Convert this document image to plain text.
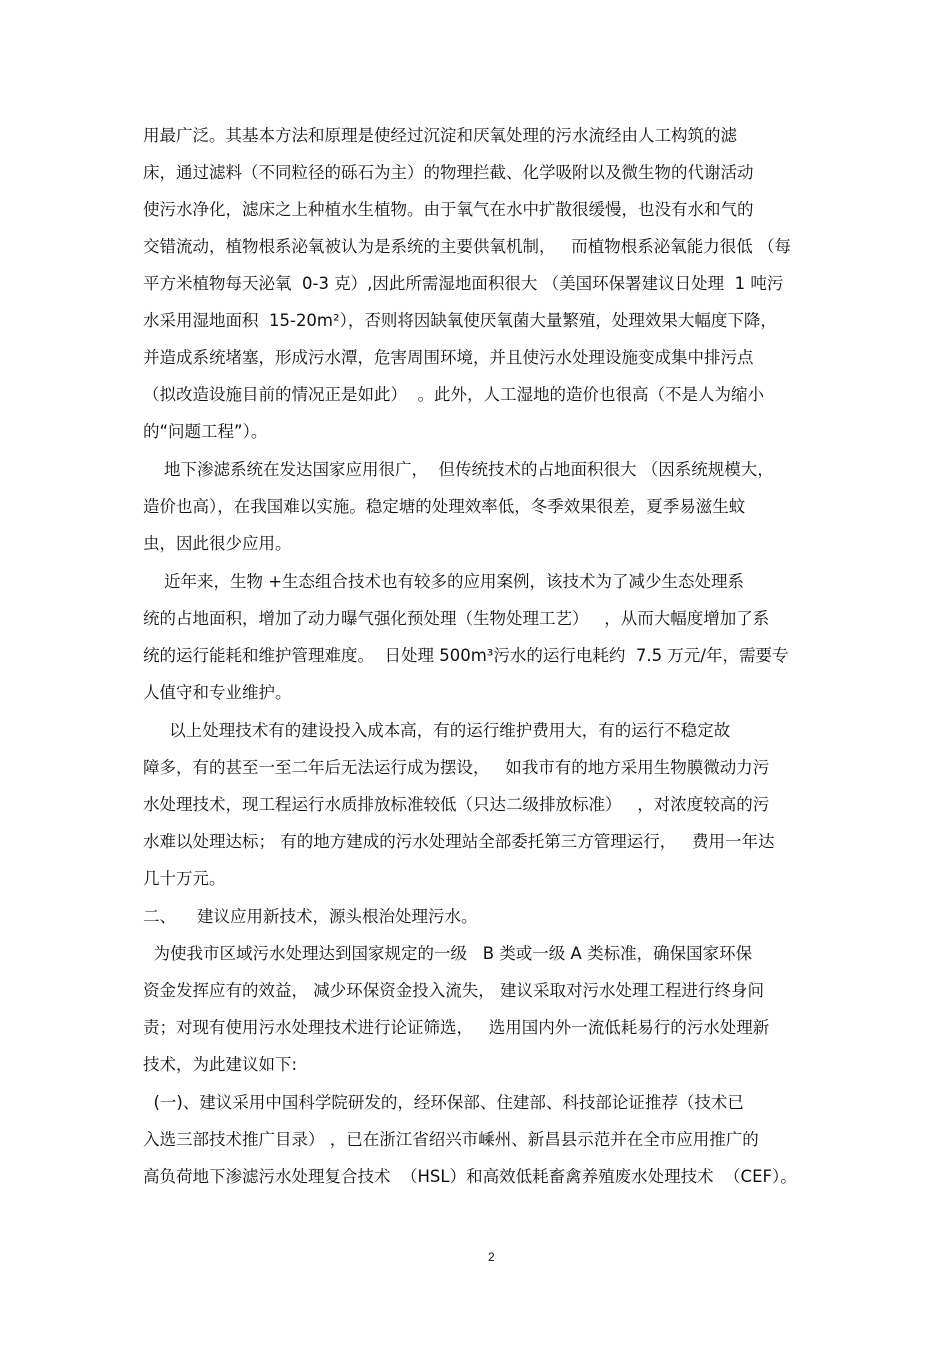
用最广泛。其基本方法和原理是使经过沉淀和厌氧处理的污水流经由人工构筑的滤
床，通过滤料（不同粒径的砾石为主）的物理拦截、化学吸附以及微生物的代谢活动
使污水净化，滤床之上种植水生植物。由于氧气在水中扩散很缓慢，也没有水和气的
交错流动，植物根系泌氧被认为是系统的主要供氧机制，   而植物根系泌氧能力很低 （每
平方米植物每天泌氧  0-3 克）,因此所需湿地面积很大 （美国环保署建议日处理  1 吨污
水采用湿地面积  15-20m²），否则将因缺氧使厌氧菌大量繁殖，处理效果大幅度下降，
并造成系统堵塞，形成污水潭，危害周围环境，并且使污水处理设施变成集中排污点
（拟改造设施目前的情况正是如此）  。此外，人工湿地的造价也很高（不是人为缩小
的“问题工程”）。
地下渗滤系统在发达国家应用很广，  但传统技术的占地面积很大 （因系统规模大，
造价也高），在我国难以实施。稳定塘的处理效率低，冬季效果很差，夏季易滋生蚊
虫，因此很少应用。
近年来，生物 +生态组合技术也有较多的应用案例，该技术为了减少生态处理系
统的占地面积，增加了动力曝气强化预处理（生物处理工艺）   ，从而大幅度增加了系
统的运行能耗和维护管理难度。  日处理 500m³污水的运行电耗约  7.5 万元/年，需要专
人值守和专业维护。
以上处理技术有的建设投入成本高，有的运行维护费用大，有的运行不稳定故
障多，有的甚至一至二年后无法运行成为摆设，   如我市有的地方采用生物膜微动力污
水处理技术，现工程运行水质排放标准较低（只达二级排放标准）   ，对浓度较高的污
水难以处理达标； 有的地方建成的污水处理站全部委托第三方管理运行，   费用一年达
几十万元。
二、    建议应用新技术，源头根治处理污水。
为使我市区域污水处理达到国家规定的一级   B 类或一级 A 类标准，确保国家环保
资金发挥应有的效益， 减少环保资金投入流失， 建议采取对污水处理工程进行终身问
责；对现有使用污水处理技术进行论证筛选，   选用国内外一流低耗易行的污水处理新
技术，为此建议如下:
(一)、建议采用中国科学院研发的，经环保部、住建部、科技部论证推荐（技术已
入选三部技术推广目录） ，已在浙江省绍兴市嵊州、新昌县示范并在全市应用推广的
高负荷地下渗滤污水处理复合技术  （HSL）和高效低耗畜禽养殖废水处理技术  （CEF）。
2
